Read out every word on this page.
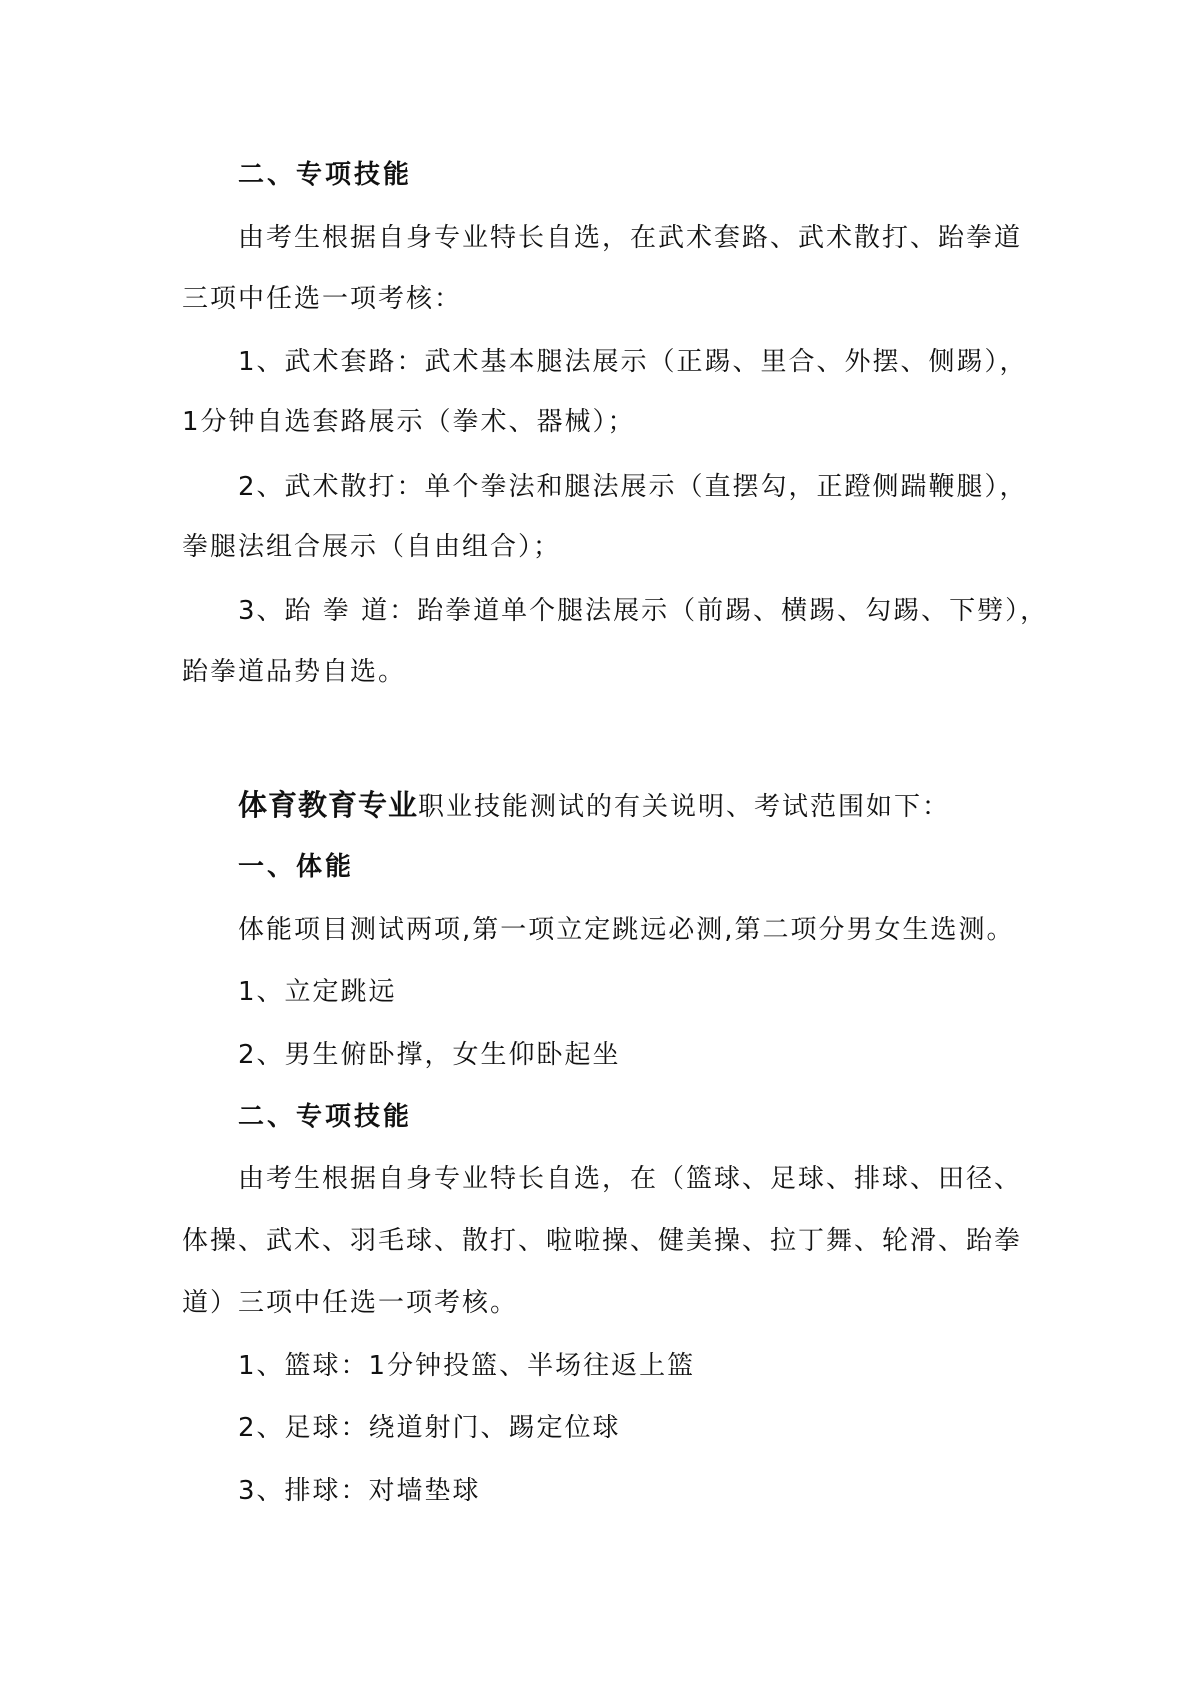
二、专项技能
由考生根据自身专业特长自选，在武术套路、武术散打、跆拳道
三项中任选一项考核：
1、武术套路：武术基本腿法展示（正踢、里合、外摆、侧踢），
1分钟自选套路展示（拳术、器械）；
2、武术散打：单个拳法和腿法展示（直摆勾，正蹬侧踹鞭腿），
拳腿法组合展示（自由组合）；
3、跆 拳 道：跆拳道单个腿法展示（前踢、横踢、勾踢、下劈），
跆拳道品势自选。
体育教育专业职业技能测试的有关说明、考试范围如下：
一、体能
体能项目测试两项,第一项立定跳远必测,第二项分男女生选测。
1、立定跳远
2、男生俯卧撑，女生仰卧起坐
二、专项技能
由考生根据自身专业特长自选，在（篮球、足球、排球、田径、
体操、武术、羽毛球、散打、啦啦操、健美操、拉丁舞、轮滑、跆拳
道）三项中任选一项考核。
1、篮球：1分钟投篮、半场往返上篮
2、足球：绕道射门、踢定位球
3、排球：对墙垫球
